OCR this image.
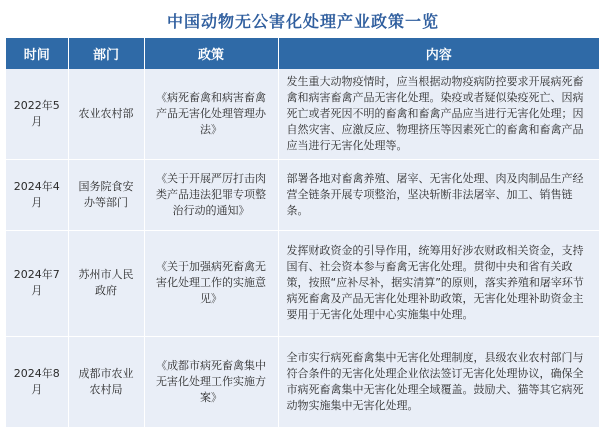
中国动物无公害化处理产业政策一览
时间	部门	政策	内容
2022年5月	农业农村部	《病死畜禽和病害畜禽产品无害化处理管理办法》	发生重大动物疫情时，应当根据动物疫病防控要求开展病死畜禽和病害畜禽产品无害化处理。染疫或者疑似染疫死亡、因病死亡或者死因不明的畜禽和畜禽产品应当进行无害化处理；因自然灾害、应激反应、物理挤压等因素死亡的畜禽和畜禽产品应当进行无害化处理等。
2024年4月	国务院食安办等部门	《关于开展严厉打击肉类产品违法犯罪专项整治行动的通知》	部署各地对畜禽养殖、屠宰、无害化处理、肉及肉制品生产经营全链条开展专项整治，坚决斩断非法屠宰、加工、销售链条。
2024年7月	苏州市人民政府	《关于加强病死畜禽无害化处理工作的实施意见》	发挥财政资金的引导作用，统筹用好涉农财政相关资金，支持国有、社会资本参与畜禽无害化处理。贯彻中央和省有关政策，按照“应补尽补，据实清算”的原则，落实养殖和屠宰环节病死畜禽及产品无害化处理补助政策，无害化处理补助资金主要用于无害化处理中心实施集中处理。
2024年8月	成都市农业农村局	《成都市病死畜禽集中无害化处理工作实施方案》	全市实行病死畜禽集中无害化处理制度，县级农业农村部门与符合条件的无害化处理企业依法签订无害化处理协议，确保全市病死畜禽集中无害化处理全域覆盖。鼓励犬、猫等其它病死动物实施集中无害化处理。
